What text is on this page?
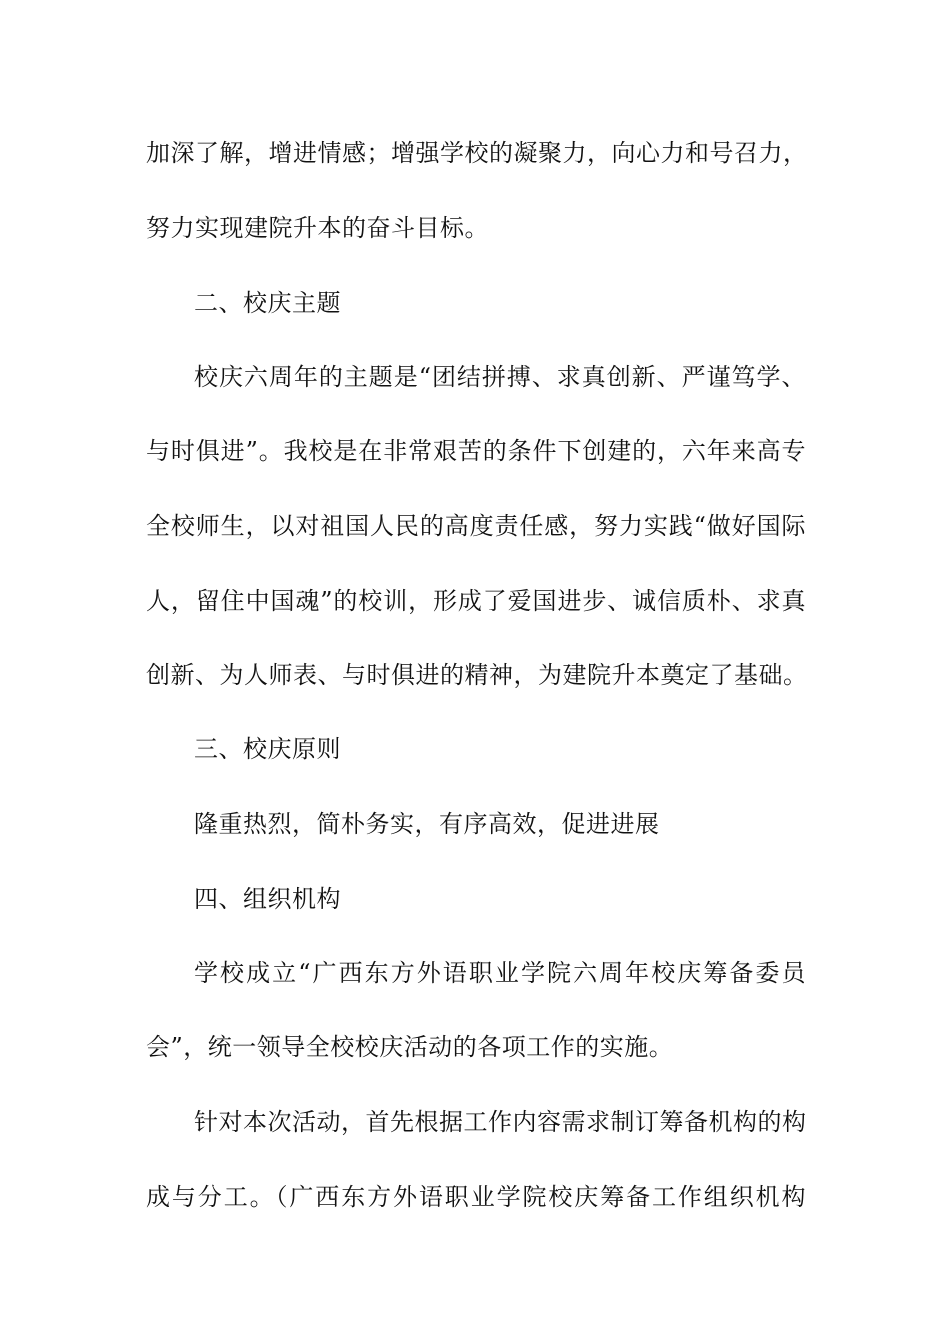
加深了解，增进情感；增强学校的凝聚力，向心力和号召力，
努力实现建院升本的奋斗目标。
二、校庆主题
校庆六周年的主题是“团结拼搏、求真创新、严谨笃学、
与时俱进”。我校是在非常艰苦的条件下创建的，六年来高专
全校师生，以对祖国人民的高度责任感，努力实践“做好国际
人，留住中国魂”的校训，形成了爱国进步、诚信质朴、求真
创新、为人师表、与时俱进的精神，为建院升本奠定了基础。
三、校庆原则
隆重热烈，简朴务实，有序高效，促进进展
四、组织机构
学校成立“广西东方外语职业学院六周年校庆筹备委员
会”，统一领导全校校庆活动的各项工作的实施。
针对本次活动，首先根据工作内容需求制订筹备机构的构
成与分工。（广西东方外语职业学院校庆筹备工作组织机构
